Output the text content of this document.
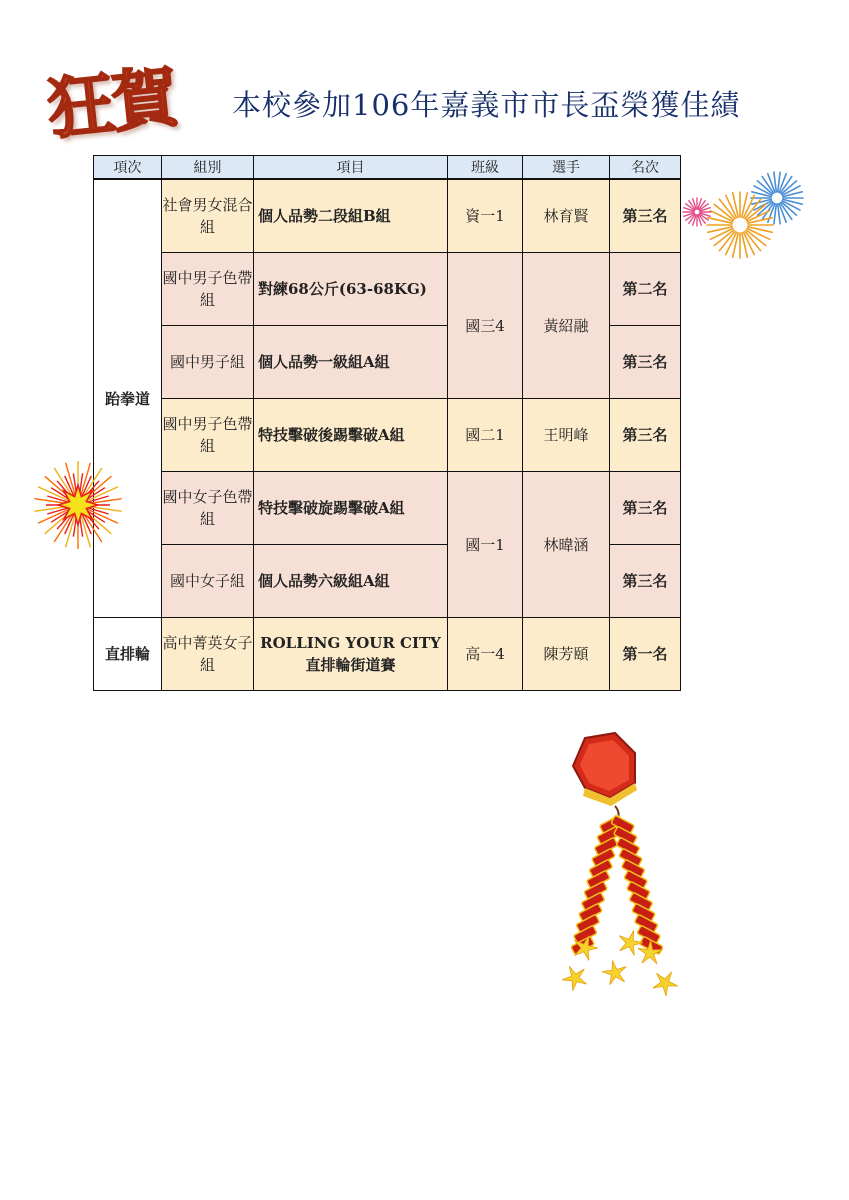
狂賀 本校參加106年嘉義市市長盃榮獲佳績
項次	組別	項目	班級	選手	名次
跆拳道	社會男女混合組	個人品勢二段組B組	資一1	林育賢	第三名
	國中男子色帶組	對練68公斤(63-68KG)	國三4	黃紹融	第二名
	國中男子組	個人品勢一級組A組			第三名
	國中男子色帶組	特技擊破後踢擊破A組	國二1	王明峰	第三名
	國中女子色帶組	特技擊破旋踢擊破A組	國一1	林暐涵	第三名
	國中女子組	個人品勢六級組A組			第三名
直排輪	高中菁英女子組	ROLLING YOUR CITY 直排輪街道賽	高一4	陳芳頤	第一名
